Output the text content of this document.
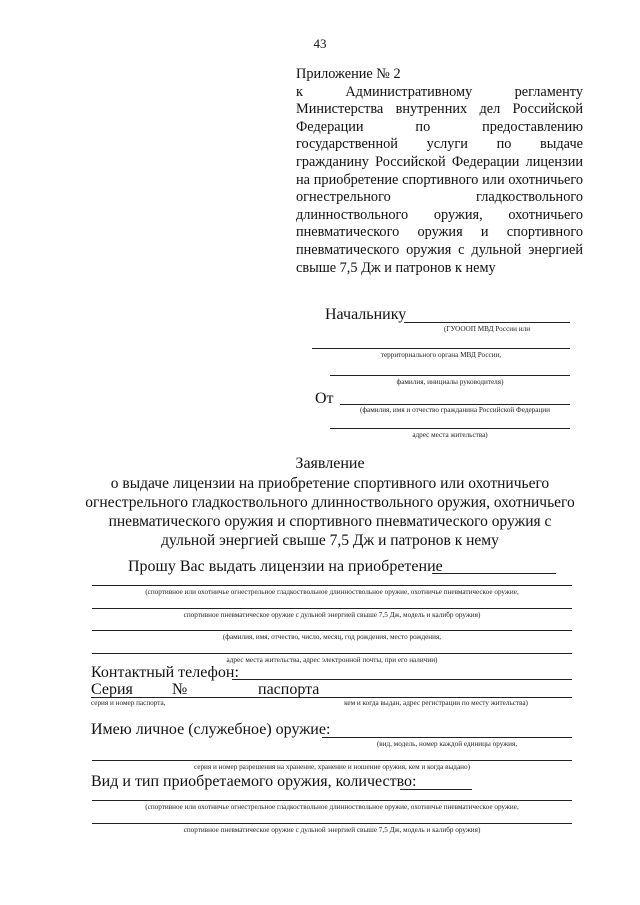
43
Приложение № 2
к Административному регламенту Министерства внутренних дел Российской Федерации по предоставлению государственной услуги по выдаче гражданину Российской Федерации лицензии на приобретение спортивного или охотничьего огнестрельного гладкоствольного длинноствольного оружия, охотничьего пневматического оружия и спортивного пневматического оружия с дульной энергией свыше 7,5 Дж и патронов к нему
Начальнику
(ГУОООП МВД России или
территориального органа МВД России,
фамилия, инициалы руководителя)
От
(фамилия, имя и отчество гражданина Российской Федерации
адрес места жительства)
Заявление
о выдаче лицензии на приобретение спортивного или охотничьего
огнестрельного гладкоствольного длинноствольного оружия, охотничьего
пневматического оружия и спортивного пневматического оружия с
дульной энергией свыше 7,5 Дж и патронов к нему
Прошу Вас выдать лицензии на приобретение
(спортивное или охотничье огнестрельное гладкоствольное длинноствольное оружие, охотничье пневматическое оружие,
спортивное пневматическое оружие с дульной энергией свыше 7,5 Дж, модель и калибр оружия)
(фамилия, имя, отчество, число, месяц, год рождения, место рождения,
адрес места жительства, адрес электронной почты, при его наличии)
Контактный телефон:
Серия №	паспорта
серия и номер паспорта,	кем и когда выдан, адрес регистрации по месту жительства)
Имею личное (служебное) оружие:
(вид, модель, номер каждой единицы оружия,
серия и номер разрешения на хранение, хранение и ношение оружия, кем и когда выдано)
Вид и тип приобретаемого оружия, количество:
(спортивное или охотничье огнестрельное гладкоствольное длинноствольное оружие, охотничье пневматическое оружие,
спортивное пневматическое оружие с дульной энергией свыше 7,5 Дж, модель и калибр оружия)
